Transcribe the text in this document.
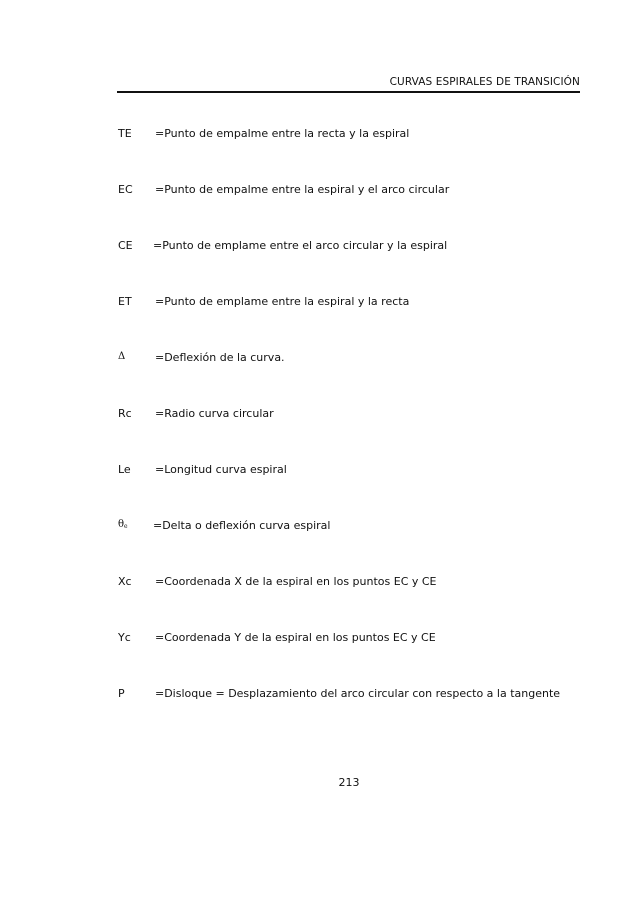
CURVAS ESPIRALES DE TRANSICIÓN
TE	=Punto de empalme entre la recta y la espiral
EC	=Punto de empalme entre la espiral y el arco circular
CE	=Punto de emplame entre el arco circular y la espiral
ET	=Punto de emplame entre la espiral y la recta
Δ	=Deflexión de la curva.
Rc	=Radio curva circular
Le	=Longitud curva espiral
θe	=Delta o deflexión curva espiral
Xc	=Coordenada X de la espiral en los puntos EC y CE
Yc	=Coordenada Y de la espiral en los puntos EC y CE
P	=Disloque = Desplazamiento del arco circular con respecto a la tangente
213
